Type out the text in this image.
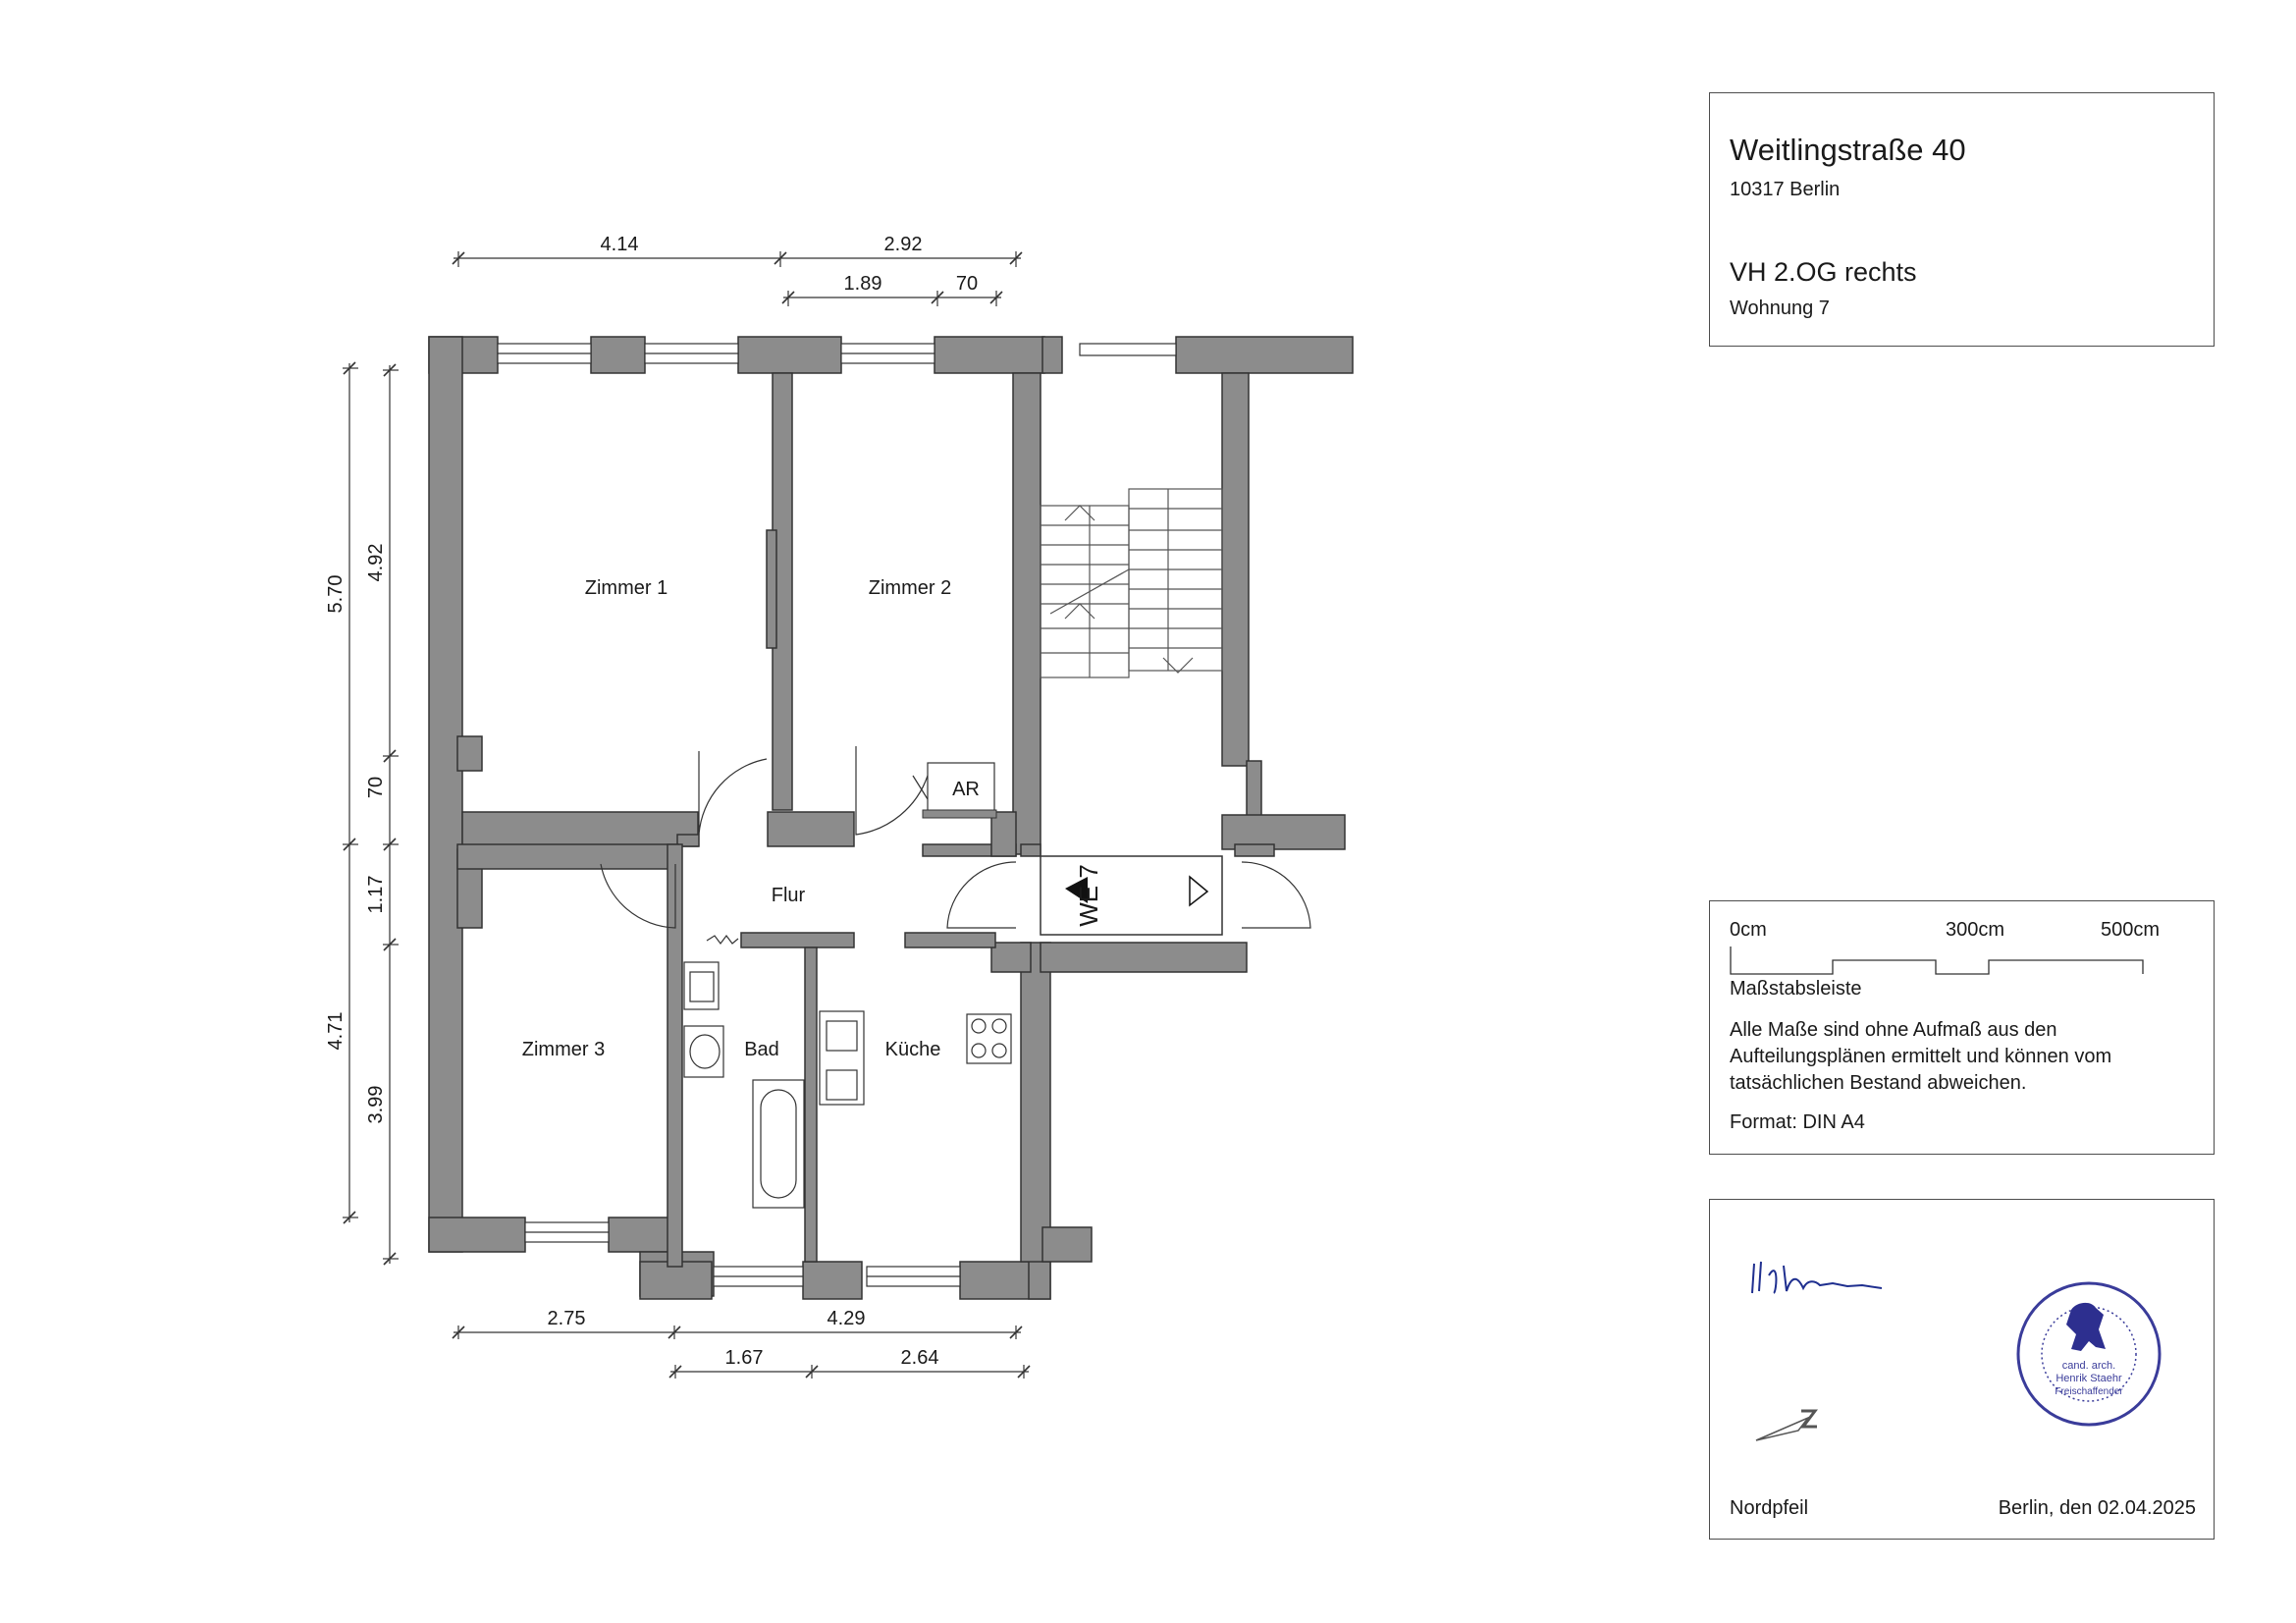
Zimmer 1	Zimmer 2
Zimmer 3
Flur
Bad	Küche
AR
WE 7
4.14	2.92
1.89	70
5.70
4.92
70
1.17
4.71
3.99
2.75	4.29
1.67	2.64
Weitlingstraße 40
10317 Berlin
VH 2.OG rechts
Wohnung 7
0cm	300cm	500cm
Maßstabsleiste
Alle Maße sind ohne Aufmaß aus den Aufteilungsplänen ermittelt und können vom tatsächlichen Bestand abweichen.
Format: DIN A4
cand. arch.
Henrik Staehr
Freischaffender
Nordpfeil	Berlin, den 02.04.2025
